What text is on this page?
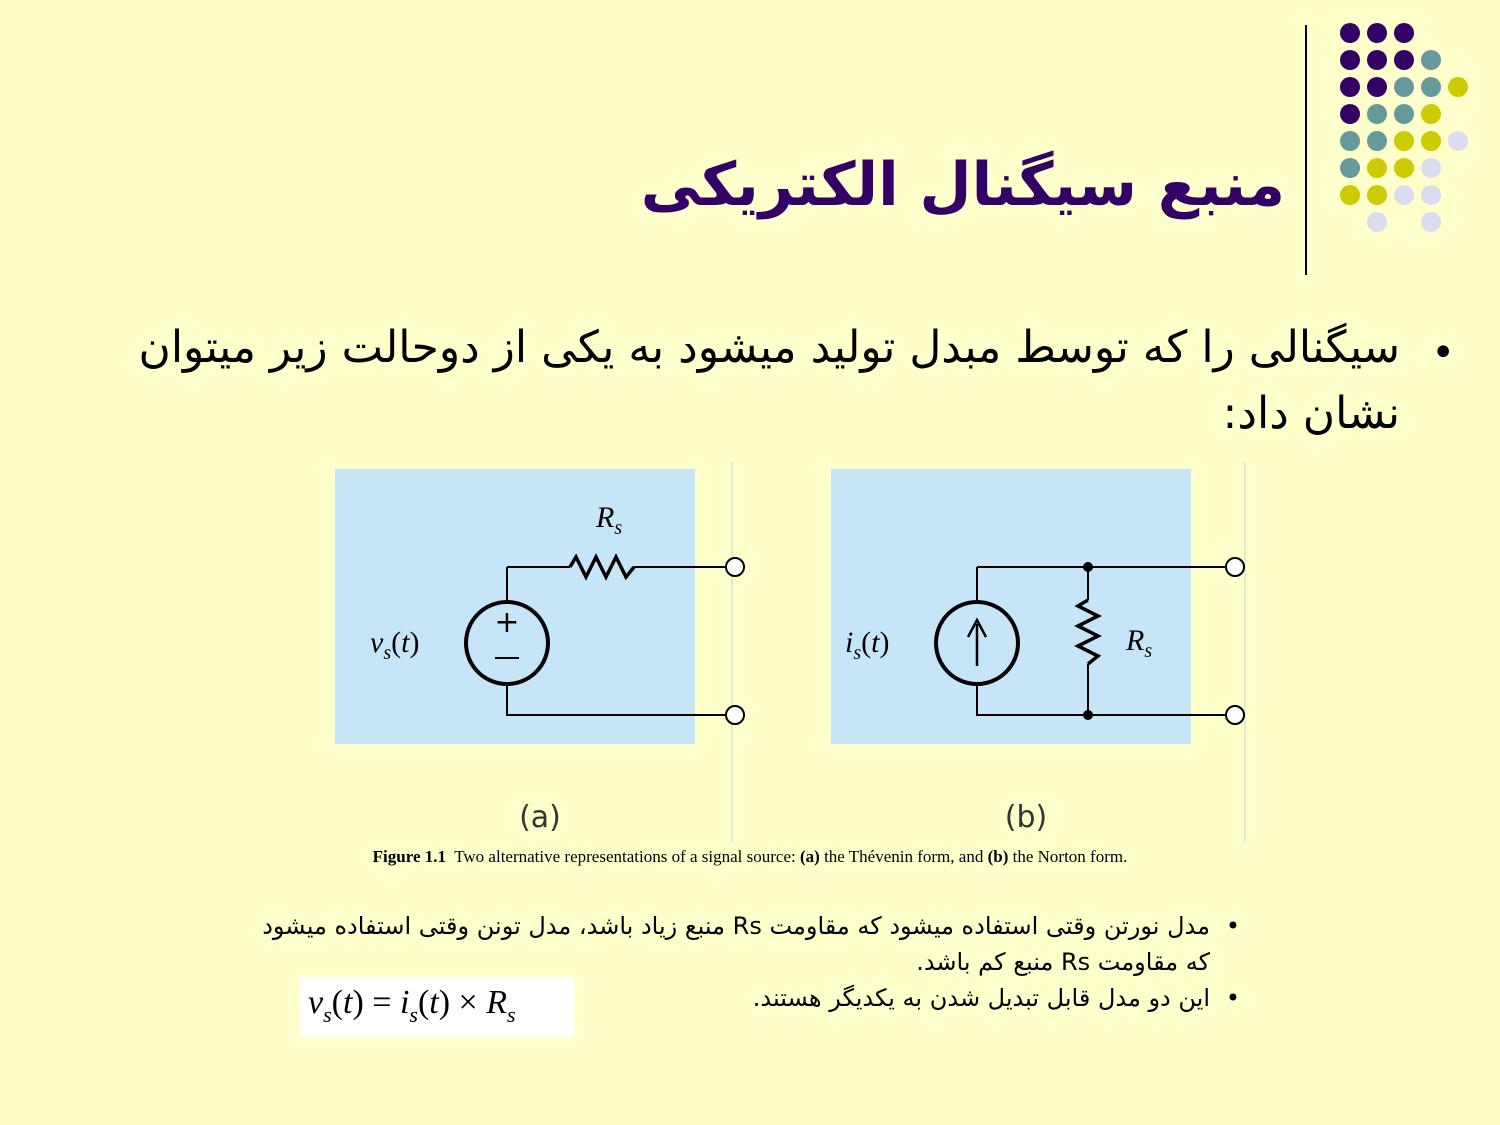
منبع سیگنال الکتریکی
•
سیگنالی را که توسط مبدل تولید میشود به یکی از دوحالت زیر میتوان نشان داد:
+
$v_s(t)$
$R_s$
(a)
$i_s(t)$	$R_s$
(b)
Figure 1.1 Two alternative representations of a signal source: (a) the Thévenin form, and (b) the Norton form.
•
مدل نورتن وقتی استفاده میشود که مقاومت Rs منبع زیاد باشد، مدل تونن وقتی استفاده میشود که مقاومت Rs منبع کم باشد.
•
این دو مدل قابل تبدیل شدن به یکدیگر هستند.
$v_s(t) = i_s(t) \times R_s$
